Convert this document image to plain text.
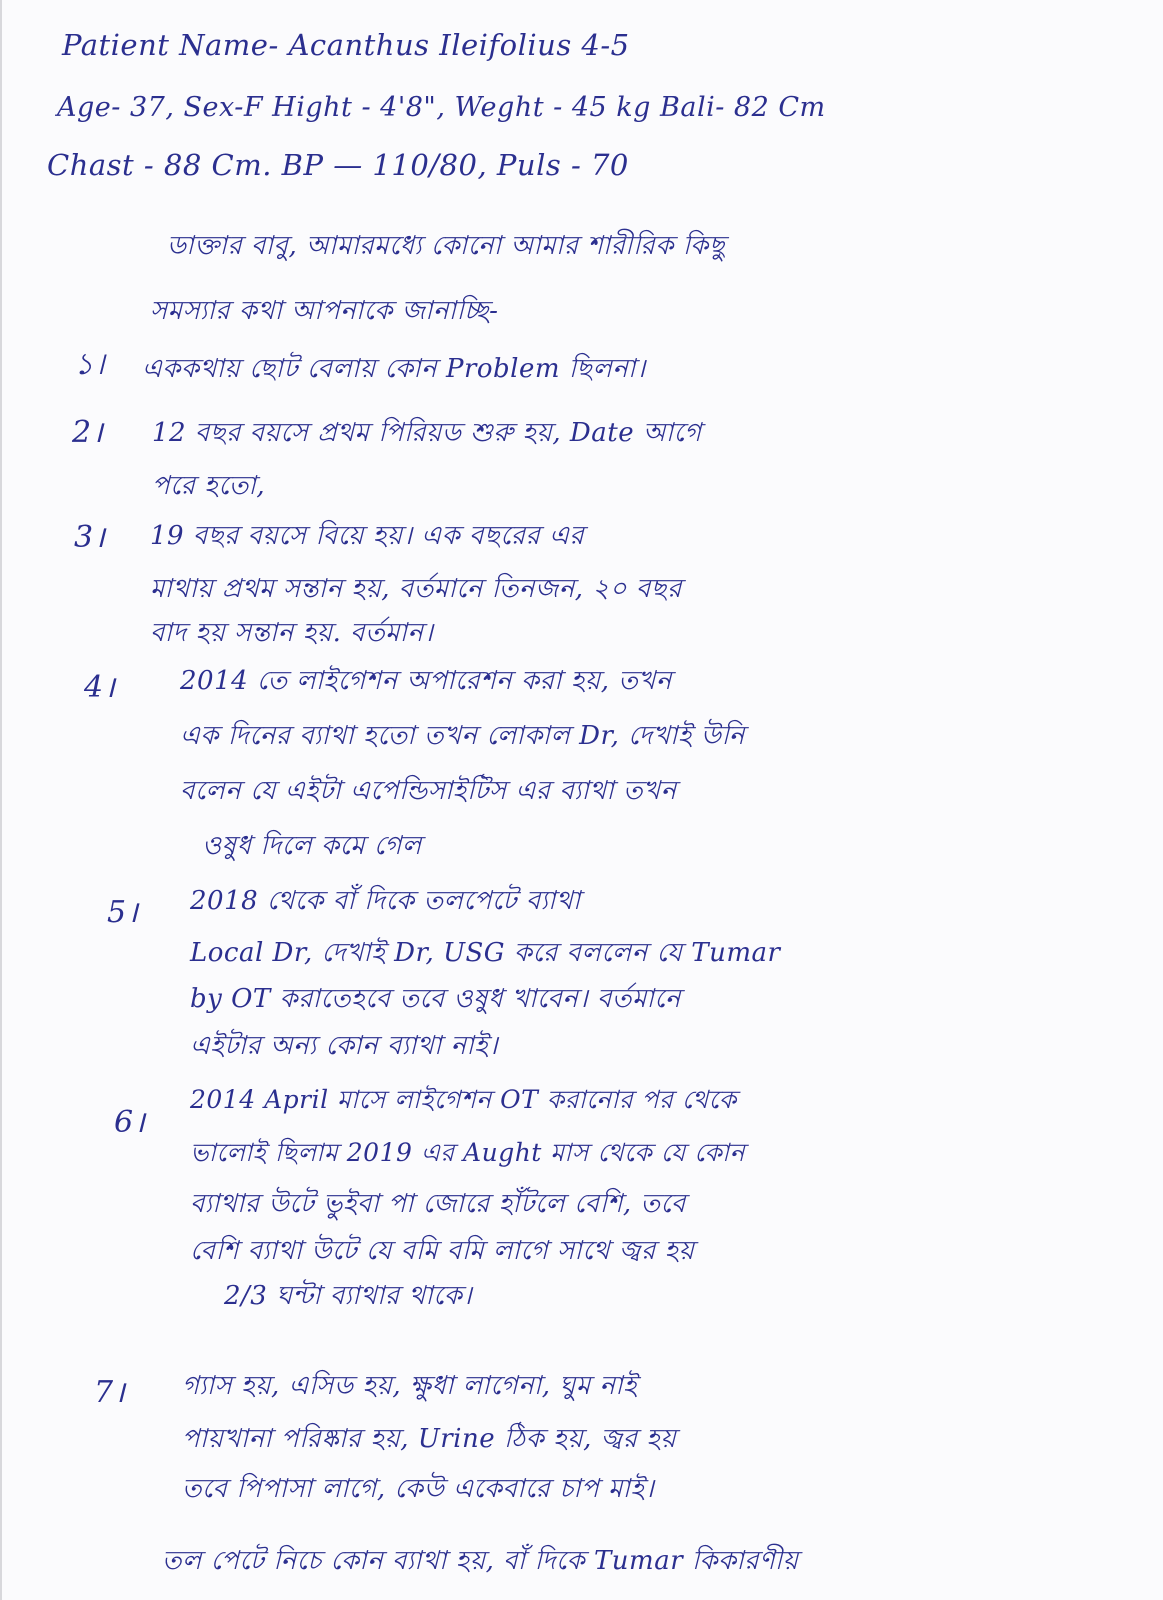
Patient Name- Acanthus Ileifolius 4-5
Age- 37, Sex-F Hight - 4'8", Weght - 45 kg Bali- 82 Cm
Chast - 88 Cm. BP — 110/80, Puls - 70
ডাক্তার বাবু, আমারমধ্যে কোনো আমার শারীরিক কিছু
সমস্যার কথা আপনাকে জানাচ্ছি-
১। এককথায় ছোট বেলায় কোন Problem ছিলনা।
2। 12 বছর বয়সে প্রথম পিরিয়ড শুরু হয়, Date আগে
পরে হতো,
3। 19 বছর বয়সে বিয়ে হয়। এক বছরের এর
মাথায় প্রথম সন্তান হয়, বর্তমানে তিনজন, ২০ বছর
বাদ হয় সন্তান হয়. বর্তমান।
4। 2014 তে লাইগেশন অপারেশন করা হয়, তখন
এক দিনের ব্যাথা হতো তখন লোকাল Dr, দেখাই উনি
বলেন যে এইটা এপেন্ডিসাইটিস এর ব্যাথা তখন
ওষুধ দিলে কমে গেল
5। 2018 থেকে বাঁ দিকে তলপেটে ব্যাথা
Local Dr, দেখাই Dr, USG করে বললেন যে Tumar
by OT করাতেহবে তবে ওষুধ খাবেন। বর্তমানে
এইটার অন্য কোন ব্যাথা নাই।
6।
2014 April মাসে লাইগেশন OT করানোর পর থেকে
ভালোই ছিলাম 2019 এর Aught মাস থেকে যে কোন
ব্যাথার উটে ভুইবা পা জোরে হাঁটলে বেশি, তবে
বেশি ব্যাথা উটে যে বমি বমি লাগে সাথে জ্বর হয়
2/3 ঘন্টা ব্যাথার থাকে।
7। গ্যাস হয়, এসিড হয়, ক্ষুধা লাগেনা, ঘুম নাই
পায়খানা পরিষ্কার হয়, Urine ঠিক হয়, জ্বর হয়
তবে পিপাসা লাগে, কেউ একেবারে চাপ মাই।
তল পেটে নিচে কোন ব্যাথা হয়, বাঁ দিকে Tumar কিকারণীয়
